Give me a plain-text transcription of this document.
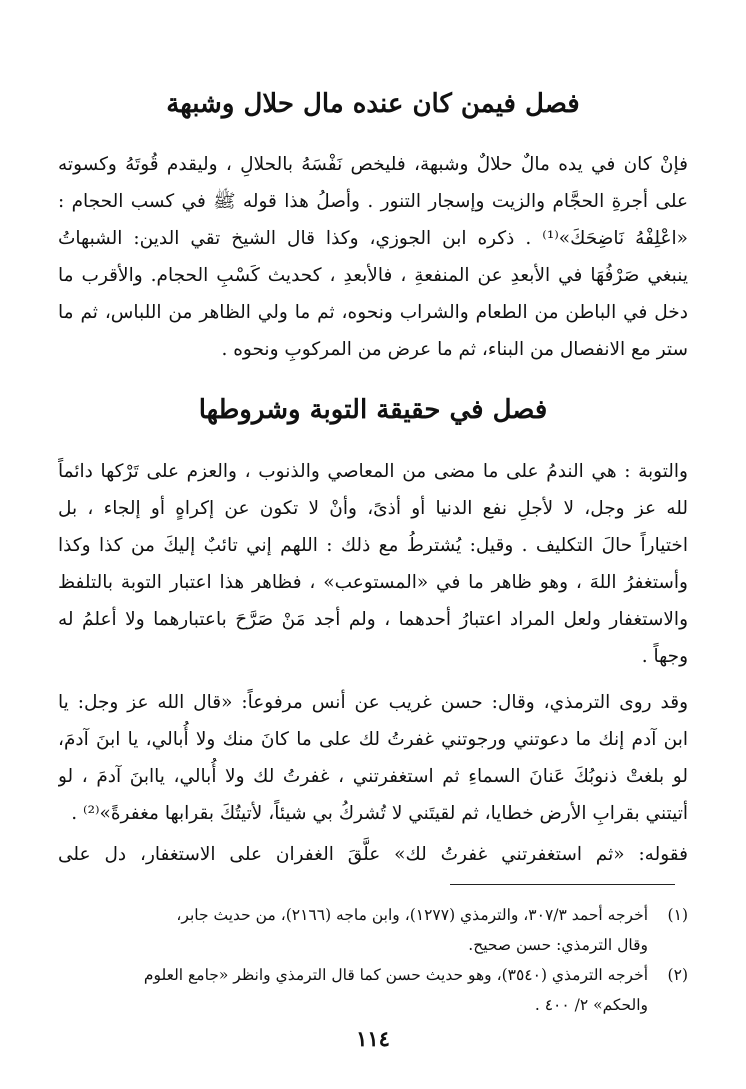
فصل فيمن كان عنده مال حلال وشبهة
فإنْ كان في يده مالٌ حلالٌ وشبهة، فليخص نَفْسَهُ بالحلالِ ، وليقدم قُوتَهُ وكسوته
على أجرةِ الحجَّام والزيت وإسجار التنور . وأصلُ هذا قوله ﷺ في كسب الحجام :
«اعْلِفْهُ نَاضِحَكَ»⁽¹⁾ . ذكره ابن الجوزي، وكذا قال الشيخ تقي الدين: الشبهاتُ
ينبغي صَرْفُهَا في الأبعدِ عن المنفعةِ ، فالأبعدِ ، كحديث كَسْبِ الحجام. والأقرب ما
دخل في الباطن من الطعام والشراب ونحوه، ثم ما ولي الظاهر من اللباس، ثم ما
ستر مع الانفصال من البناء، ثم ما عرض من المركوبِ ونحوه .
فصل في حقيقة التوبة وشروطها
والتوبة : هي الندمُ على ما مضى من المعاصي والذنوب ، والعزم على تَرْكها دائماً
لله عز وجل، لا لأجلِ نفع الدنيا أو أذىً، وأنْ لا تكون عن إكراهٍ أو إلجاء ، بل
اختياراً حالَ التكليف . وقيل: يُشترطُ مع ذلك : اللهم إني تائبٌ إليكَ من كذا وكذا
وأستغفرُ اللهَ ، وهو ظاهر ما في «المستوعب» ، فظاهر هذا اعتبار التوبة بالتلفظ
والاستغفار ولعل المراد اعتبارُ أحدهما ، ولم أجد مَنْ صَرَّحَ باعتبارهما ولا أعلمُ له
وجهاً .
وقد روى الترمذي، وقال: حسن غريب عن أنس مرفوعاً: «قال الله عز وجل: يا
ابن آدم إنك ما دعوتني ورجوتني غفرتُ لك على ما كانَ منك ولا أُبالي، يا ابنَ آدمَ،
لو بلغتْ ذنوبُكَ عَنانَ السماءِ ثم استغفرتني ، غفرتُ لك ولا أُبالي، ياابنَ آدمَ ، لو
أتيتني بقرابِ الأرض خطايا، ثم لقيتَني لا تُشركُ بي شيئاً، لأتيتُكَ بقرابها مغفرةً»⁽²⁾ .
فقوله: «ثم استغفرتني غفرتُ لك» علَّقَ الغفران على الاستغفار، دل على
(١)أخرجه أحمد ٣٠٧/٣، والترمذي (١٢٧٧)، وابن ماجه (٢١٦٦)، من حديث جابر،
وقال الترمذي: حسن صحيح.
(٢)أخرجه الترمذي (٣٥٤٠)، وهو حديث حسن كما قال الترمذي وانظر «جامع العلوم
والحكم» ٢/ ٤٠٠ .
١١٤
